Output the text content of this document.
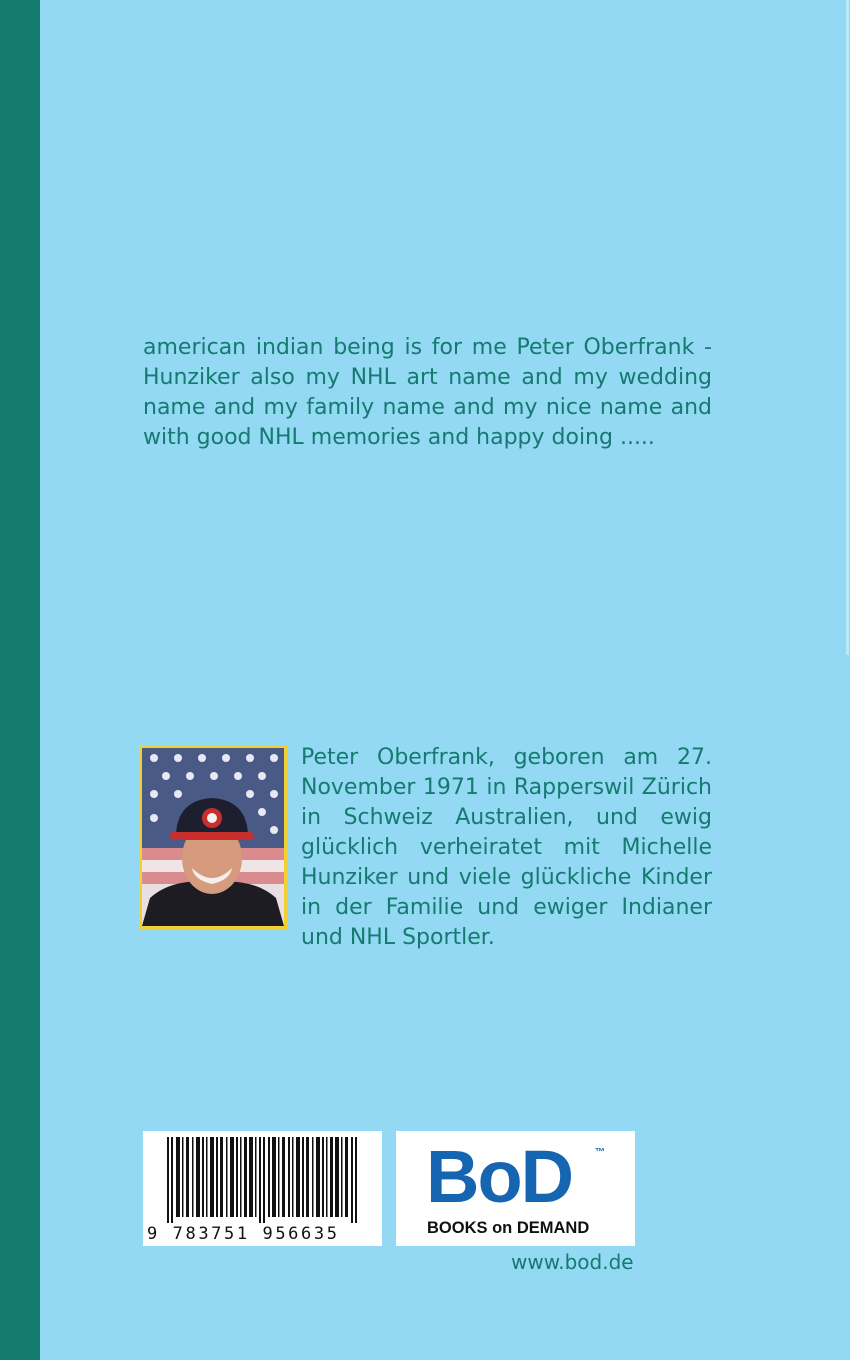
american indian being is for me Peter Oberfrank - Hunziker also my NHL art name and my wedding name and my family name and my nice name and with good NHL memories and happy doing .....

Peter Oberfrank, geboren am 27. November 1971 in Rapperswil Zürich in Schweiz Australien, und ewig glücklich verheiratet mit Michelle Hunziker und viele glückliche Kinder in der Familie und ewiger Indianer und NHL Sportler.

9 783751 956635
BoD ™
BOOKS on DEMAND
www.bod.de
